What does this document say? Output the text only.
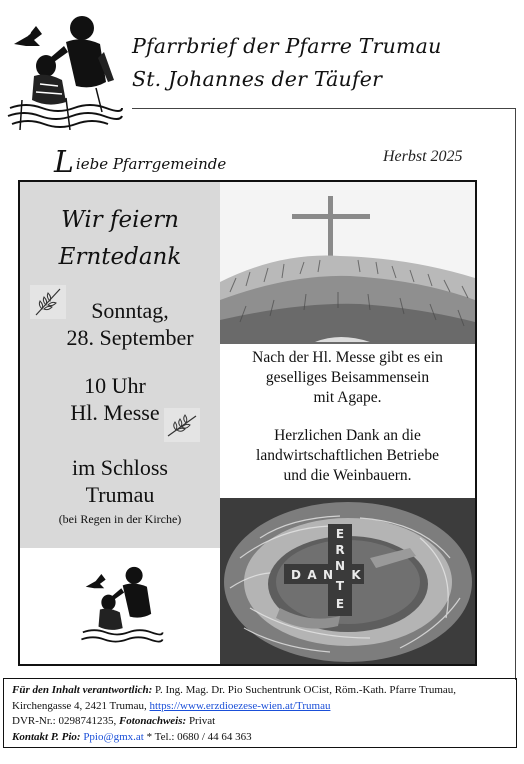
Pfarrbrief der Pfarre Trumau
St. Johannes der Täufer
Liebe Pfarrgemeinde	Herbst 2025
Wir feiern
Erntedank
Sonntag,
28. September
10 Uhr
Hl. Messe
im Schloss
Trumau
(bei Regen in der Kirche)
Nach der Hl. Messe gibt es ein
geselliges Beisammensein
mit Agape.
Herzlichen Dank an die
landwirtschaftlichen Betriebe
und die Weinbauern.
E
R
N
T
E
D A N K
Für den Inhalt verantwortlich: P. Ing. Mag. Dr. Pio Suchentrunk OCist, Röm.-Kath. Pfarre Trumau, Kirchengasse 4, 2421 Trumau, https://www.erzdioezese-wien.at/Trumau
DVR-Nr.: 0298741235, Fotonachweis: Privat
Kontakt P. Pio: Ppio@gmx.at * Tel.: 0680 / 44 64 363
